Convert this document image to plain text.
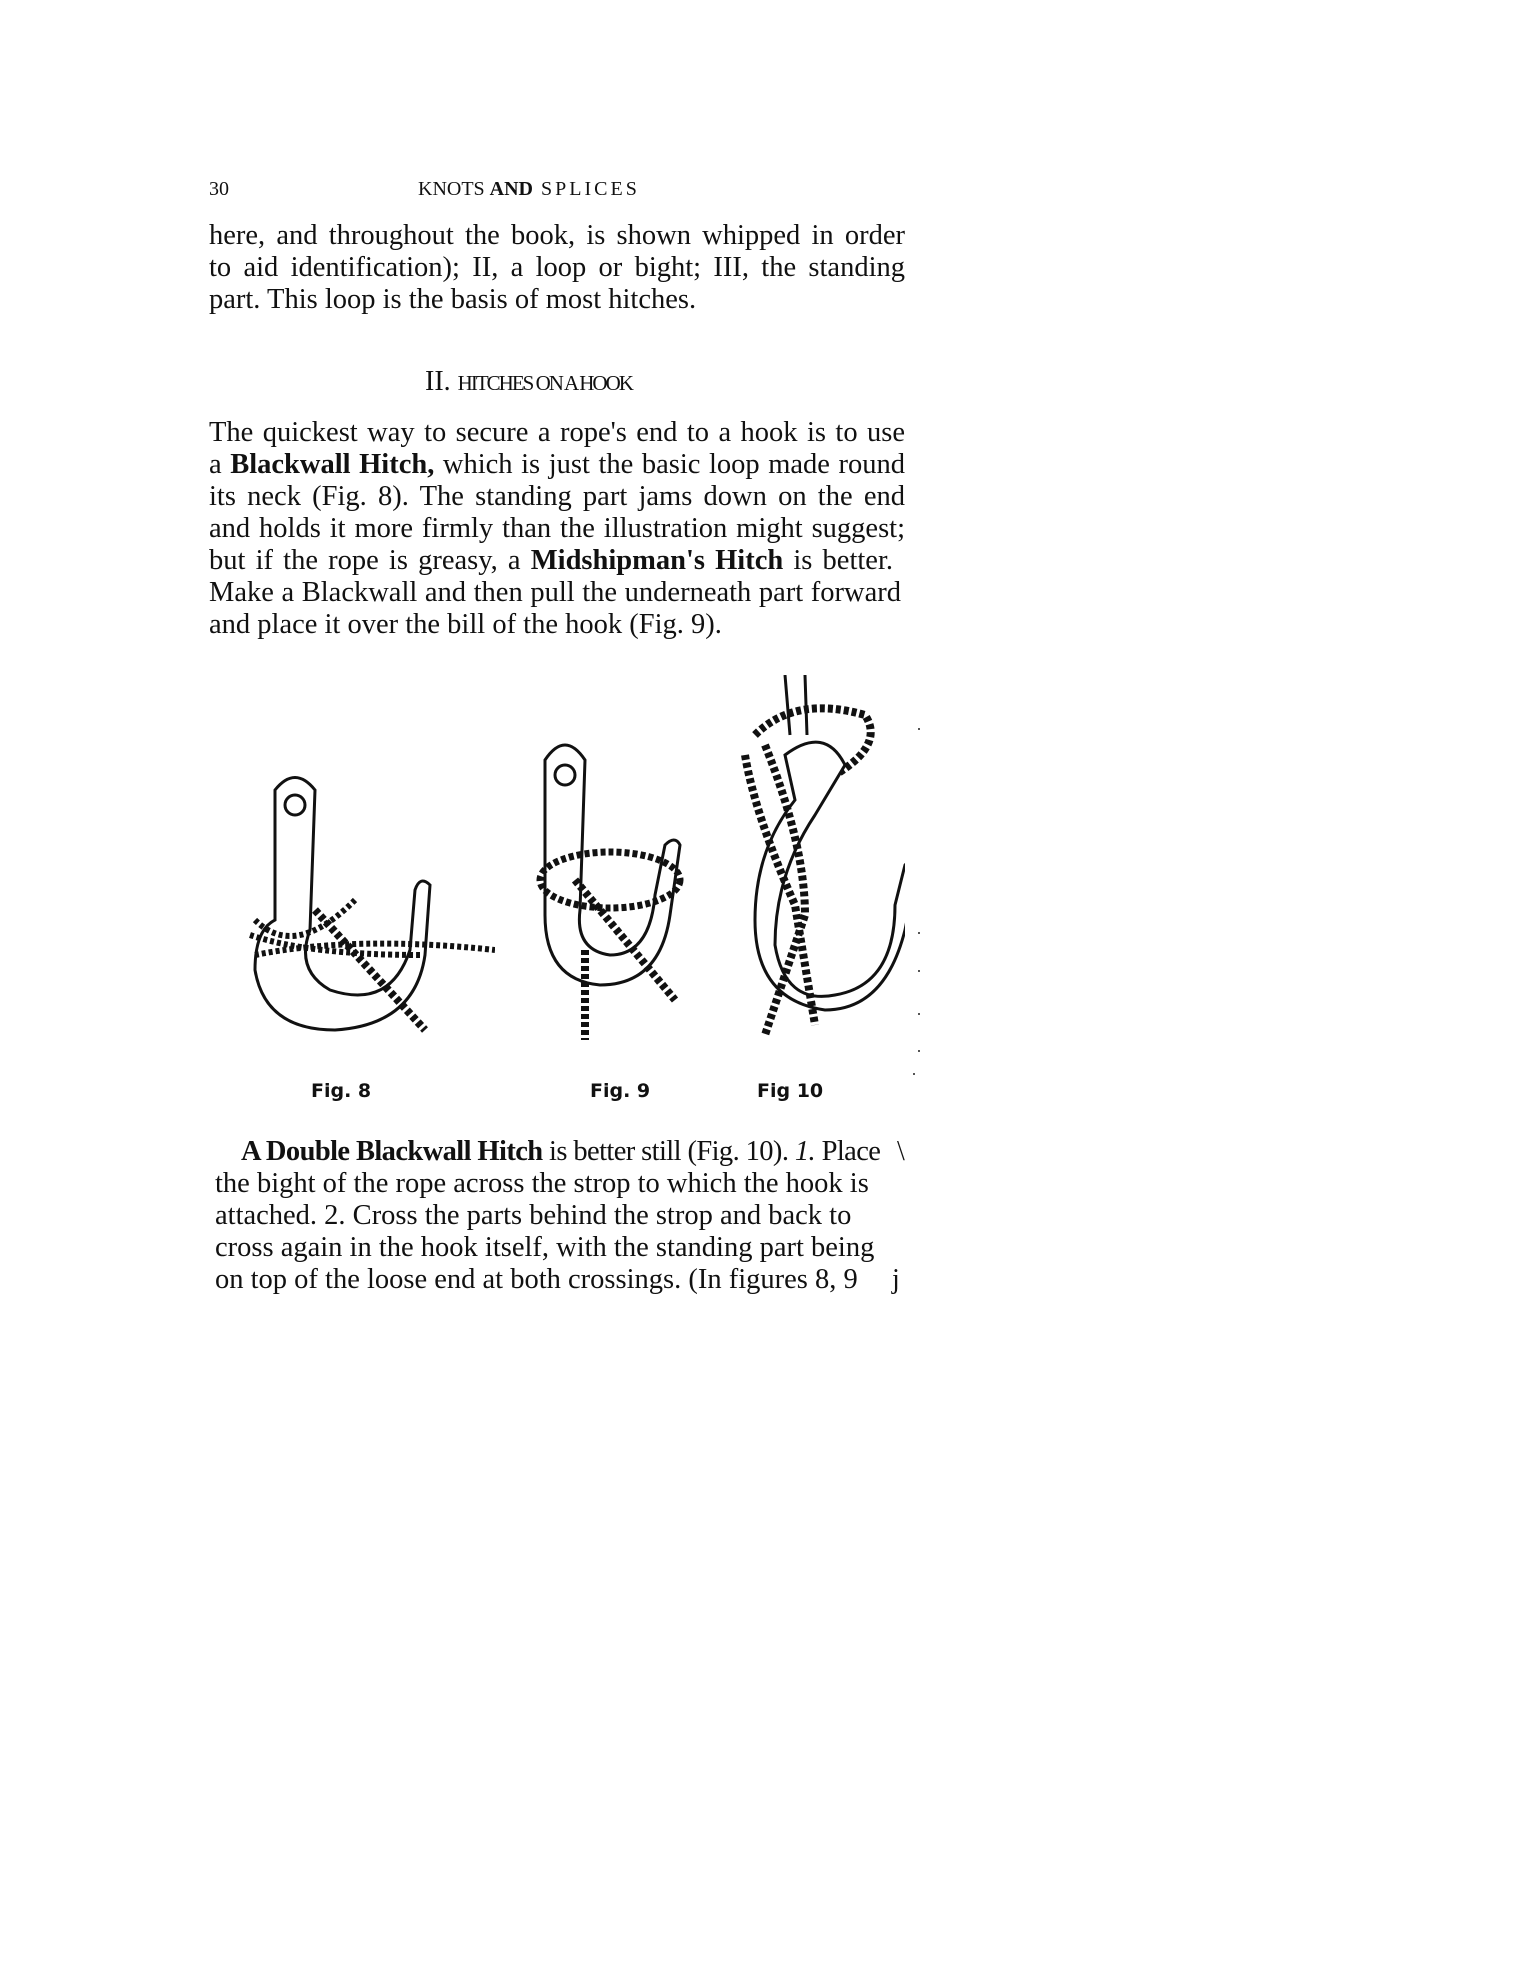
30	KNOTS AND SPLICES
here, and throughout the book, is shown whipped in order
to aid identification); II, a loop or bight; III, the standing
part. This loop is the basis of most hitches.
II. HITCHES ON A HOOK
The quickest way to secure a rope's end to a hook is to use
a Blackwall Hitch, which is just the basic loop made round
its neck (Fig. 8). The standing part jams down on the end
and holds it more firmly than the illustration might suggest;
but if the rope is greasy, a Midshipman's Hitch is better.
Make a Blackwall and then pull the underneath part forward
and place it over the bill of the hook (Fig. 9).
Fig. 8	Fig. 9	Fig 10
A Double Blackwall Hitch is better still (Fig. 10). 1. Place \
the bight of the rope across the strop to which the hook is
attached. 2. Cross the parts behind the strop and back to
cross again in the hook itself, with the standing part being
on top of the loose end at both crossings. (In figures 8, 9	j
